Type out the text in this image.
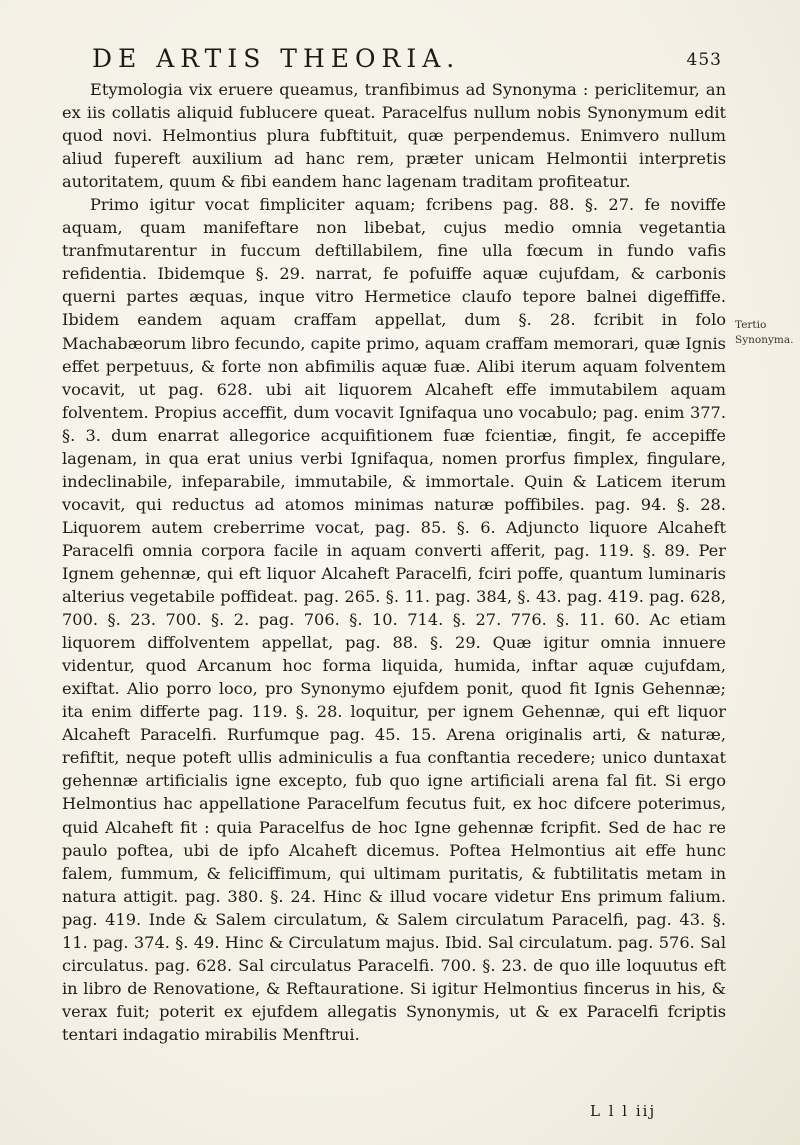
DE ARTIS THEORIA.	453

Etymologia vix eruere queamus, tranfibimus ad Synonyma : periclitemur, an ex iis collatis aliquid fublucere queat. Paracelfus nullum nobis Synonymum edit quod novi. Helmontius plura fubftituit, quæ perpendemus. Enimvero nullum aliud fupereft auxilium ad hanc rem, præter unicam Helmontii interpretis autoritatem, quum & fibi eandem hanc lagenam traditam profiteatur.

Primo igitur vocat fimpliciter aquam; fcribens pag. 88. §. 27. fe noviffe aquam, quam manifeftare non libebat, cujus medio omnia vegetantia tranfmutarentur in fuccum deftillabilem, fine ulla fœcum in fundo vafis refidentia. Ibidemque §. 29. narrat, fe pofuiffe aquæ cujufdam, & carbonis querni partes æquas, inque vitro Hermetice claufo tepore balnei digeffiffe. Ibidem eandem aquam craffam appellat, dum §. 28. fcribit in folo Machabæorum libro fecundo, capite primo, aquam craffam memorari, quæ Ignis effet perpetuus, & forte non abfimilis aquæ fuæ. Alibi iterum aquam folventem vocavit, ut pag. 628. ubi ait liquorem Alcaheft effe immutabilem aquam folventem. Propius acceffit, dum vocavit Ignifaqua uno vocabulo; pag. enim 377. §. 3. dum enarrat allegorice acquifitionem fuæ fcientiæ, fingit, fe accepiffe lagenam, in qua erat unius verbi Ignifaqua, nomen prorfus fimplex, fingulare, indeclinabile, infeparabile, immutabile, & immortale. Quin & Laticem iterum vocavit, qui reductus ad atomos minimas naturæ poffibiles. pag. 94. §. 28. Liquorem autem creberrime vocat, pag. 85. §. 6. Adjuncto liquore Alcaheft Paracelfi omnia corpora facile in aquam converti afferit, pag. 119. §. 89. Per Ignem gehennæ, qui eft liquor Alcaheft Paracelfi, fciri poffe, quantum luminaris alterius vegetabile poffideat. pag. 265. §. 11. pag. 384, §. 43. pag. 419. pag. 628, 700. §. 23. 700. §. 2. pag. 706. §. 10. 714. §. 27. 776. §. 11. 60. Ac etiam liquorem diffolventem appellat, pag. 88. §. 29. Quæ igitur omnia innuere videntur, quod Arcanum hoc forma liquida, humida, inftar aquæ cujufdam, exiftat. Alio porro loco, pro Synonymo ejufdem ponit, quod fit Ignis Gehennæ; ita enim differte pag. 119. §. 28. loquitur, per ignem Gehennæ, qui eft liquor Alcaheft Paracelfi. Rurfumque pag. 45. 15. Arena originalis arti, & naturæ, refiftit, neque poteft ullis adminiculis a fua conftantia recedere; unico duntaxat gehennæ artificialis igne excepto, fub quo igne artificiali arena fal fit. Si ergo Helmontius hac appellatione Paracelfum fecutus fuit, ex hoc difcere poterimus, quid Alcaheft fit : quia Paracelfus de hoc Igne gehennæ fcripfit. Sed de hac re paulo poftea, ubi de ipfo Alcaheft dicemus. Poftea Helmontius ait effe hunc falem, fummum, & feliciffimum, qui ultimam puritatis, & fubtilitatis metam in natura attigit. pag. 380. §. 24. Hinc & illud vocare videtur Ens primum falium. pag. 419. Inde & Salem circulatum, & Salem circulatum Paracelfi, pag. 43. §. 11. pag. 374. §. 49. Hinc & Circulatum majus. Ibid. Sal circulatum. pag. 576. Sal circulatus. pag. 628. Sal circulatus Paracelfi. 700. §. 23. de quo ille loquutus eft in libro de Renovatione, & Reftauratione. Si igitur Helmontius fincerus in his, & verax fuit; poterit ex ejufdem allegatis Synonymis, ut & ex Paracelfi fcriptis tentari indagatio mirabilis Menftrui.

Tertio Synonyma.
L l l iij
